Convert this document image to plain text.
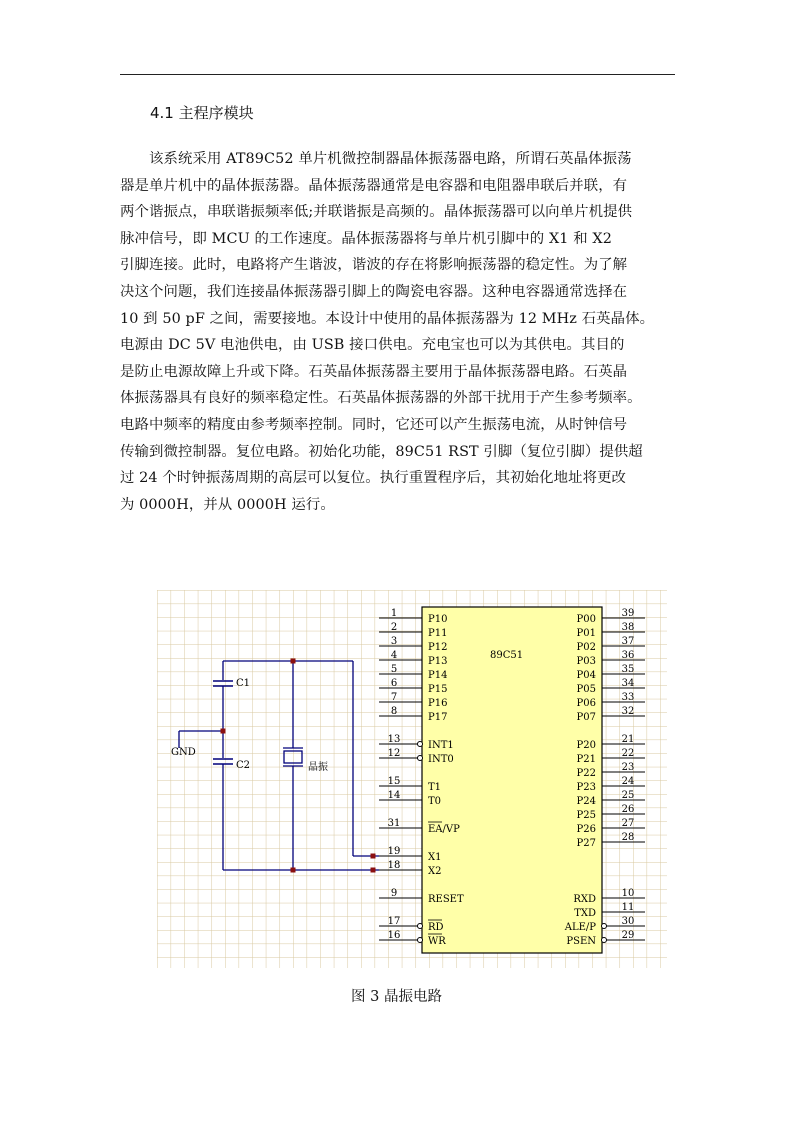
4.1 主程序模块
　　该系统采用 AT89C52 单片机微控制器晶体振荡器电路，所谓石英晶体振荡
器是单片机中的晶体振荡器。晶体振荡器通常是电容器和电阻器串联后并联，有
两个谐振点，串联谐振频率低;并联谐振是高频的。晶体振荡器可以向单片机提供
脉冲信号，即 MCU 的工作速度。晶体振荡器将与单片机引脚中的 X1 和 X2
引脚连接。此时，电路将产生谐波，谐波的存在将影响振荡器的稳定性。为了解
决这个问题，我们连接晶体振荡器引脚上的陶瓷电容器。这种电容器通常选择在
10 到 50 pF 之间，需要接地。本设计中使用的晶体振荡器为 12 MHz 石英晶体。
电源由 DC 5V 电池供电，由 USB 接口供电。充电宝也可以为其供电。其目的
是防止电源故障上升或下降。石英晶体振荡器主要用于晶体振荡器电路。石英晶
体振荡器具有良好的频率稳定性。石英晶体振荡器的外部干扰用于产生参考频率。
电路中频率的精度由参考频率控制。同时，它还可以产生振荡电流，从时钟信号
传输到微控制器。复位电路。初始化功能，89C51 RST 引脚（复位引脚）提供超
过 24 个时钟振荡周期的高层可以复位。执行重置程序后，其初始化地址将更改
为 0000H，并从 0000H 运行。
89C51
1
P10
2
P11
3
P12
4
P13
5
P14
6
P15
7
P16
8
P17
13
INT1
12
INT0
15
T1
14
T0
31
EA/VP
19
X1
18
X2
9
RESET
17
RD
16
WR
39
P00
38
P01
37
P02
36
P03
35
P04
34
P05
33
P06
32
P07
21
P20
22
P21
23
P22
24
P23
25
P24
26
P25
27
P26
28
P27
10
RXD
11
TXD
30
ALE/P
29
PSEN
C1
C2
GND
晶振
图 3 晶振电路
